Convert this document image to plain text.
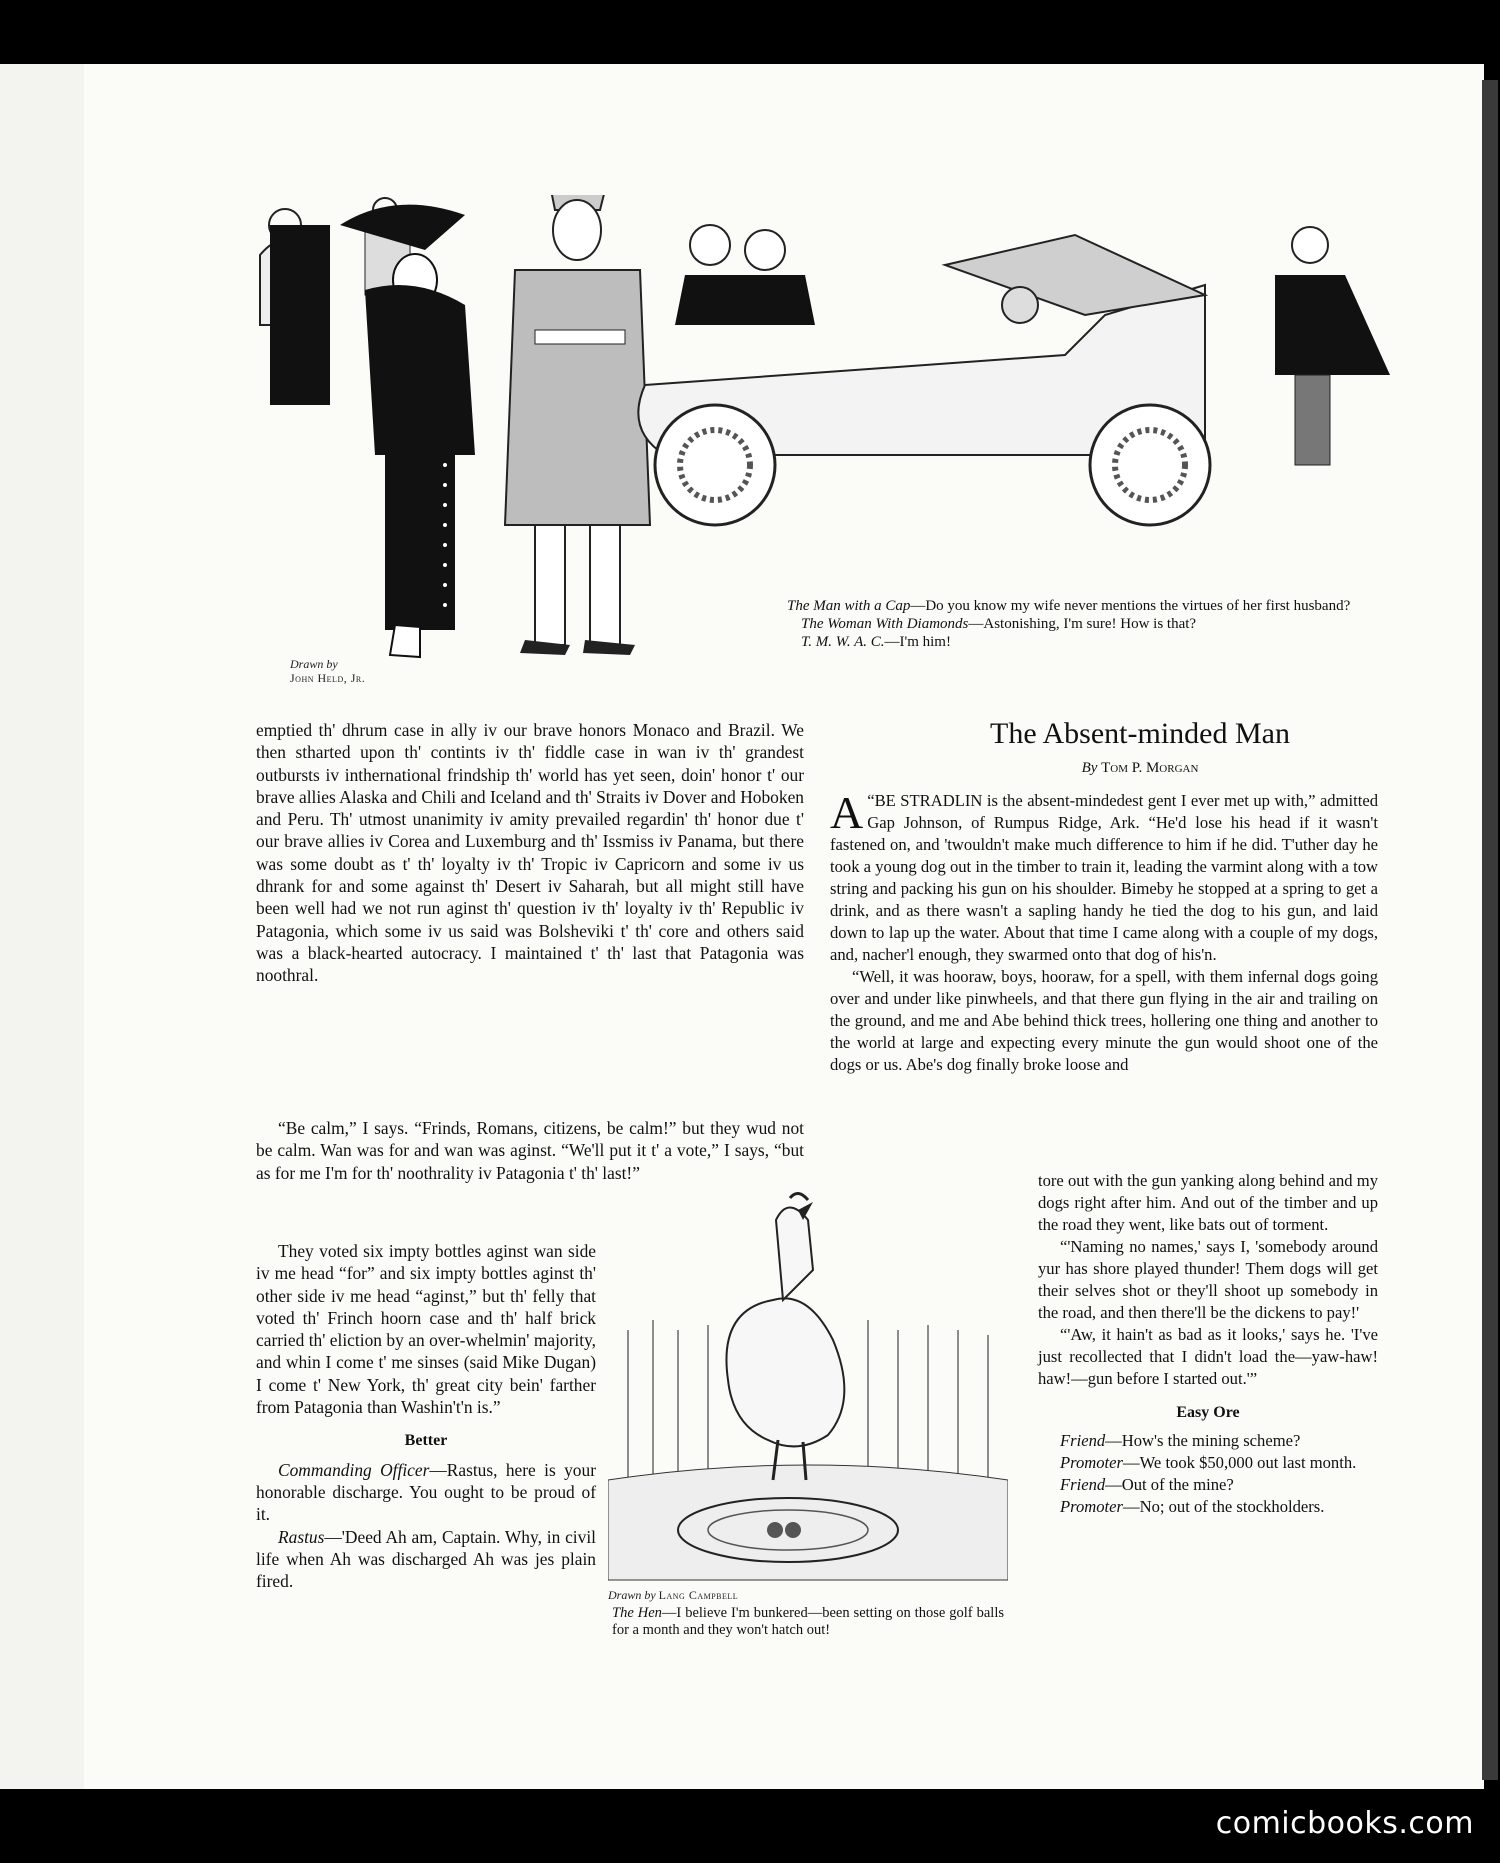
Drawn by
John Held, Jr.

The Man with a Cap—Do you know my wife never mentions the virtues of her first husband?

The Woman With Diamonds—Astonishing, I'm sure! How is that?

T. M. W. A. C.—I'm him!

emptied th' dhrum case in ally iv our brave honors Monaco and Brazil. We then stharted upon th' contints iv th' fiddle case in wan iv th' grandest outbursts iv inthernational frindship th' world has yet seen, doin' honor t' our brave allies Alaska and Chili and Iceland and th' Straits iv Dover and Hoboken and Peru. Th' utmost unanimity iv amity prevailed regardin' th' honor due t' our brave allies iv Corea and Luxemburg and th' Issmiss iv Panama, but there was some doubt as t' th' loyalty iv th' Tropic iv Capricorn and some iv us dhrank for and some against th' Desert iv Saharah, but all might still have been well had we not run aginst th' question iv th' loyalty iv th' Republic iv Patagonia, which some iv us said was Bolsheviki t' th' core and others said was a black-hearted autocracy. I maintained t' th' last that Patagonia was noothral.

“Be calm,” I says. “Frinds, Romans, citizens, be calm!” but they wud not be calm. Wan was for and wan was aginst. “We'll put it t' a vote,” I says, “but as for me I'm for th' noothrality iv Patagonia t' th' last!”

They voted six impty bottles aginst wan side iv me head “for” and six impty bottles aginst th' other side iv me head “aginst,” but th' felly that voted th' Frinch hoorn case and th' half brick carried th' eliction by an over-whelmin' majority, and whin I come t' me sinses (said Mike Dugan) I come t' New York, th' great city bein' farther from Patagonia than Washin't'n is.”

Better

Commanding Officer—Rastus, here is your honorable discharge. You ought to be proud of it.

Rastus—'Deed Ah am, Captain. Why, in civil life when Ah was discharged Ah was jes plain fired.

The Absent-minded Man
By Tom P. Morgan

“
A BE STRADLIN is the absent-mindedest gent I ever met up with,” admitted Gap Johnson, of Rumpus Ridge, Ark. “He'd lose his head if it wasn't fastened on, and 'twouldn't make much difference to him if he did. T'uther day he took a young dog out in the timber to train it, leading the varmint along with a tow string and packing his gun on his shoulder. Bimeby he stopped at a spring to get a drink, and as there wasn't a sapling handy he tied the dog to his gun, and laid down to lap up the water. About that time I came along with a couple of my dogs, and, nacher'l enough, they swarmed onto that dog of his'n.

“Well, it was hooraw, boys, hooraw, for a spell, with them infernal dogs going over and under like pinwheels, and that there gun flying in the air and trailing on the ground, and me and Abe behind thick trees, hollering one thing and another to the world at large and expecting every minute the gun would shoot one of the dogs or us. Abe's dog finally broke loose and

tore out with the gun yanking along behind and my dogs right after him. And out of the timber and up the road they went, like bats out of torment.

“'Naming no names,' says I, 'somebody around yur has shore played thunder! Them dogs will get their selves shot or they'll shoot up somebody in the road, and then there'll be the dickens to pay!'

“'Aw, it hain't as bad as it looks,' says he. 'I've just recollected that I didn't load the—yaw-haw! haw!—gun before I started out.'”

Easy Ore

Friend—How's the mining scheme?

Promoter—We took $50,000 out last month.

Friend—Out of the mine?

Promoter—No; out of the stockholders.

Drawn by Lang Campbell
The Hen—I believe I'm bunkered—been setting on those golf balls for a month and they won't hatch out!
comicbooks.com
